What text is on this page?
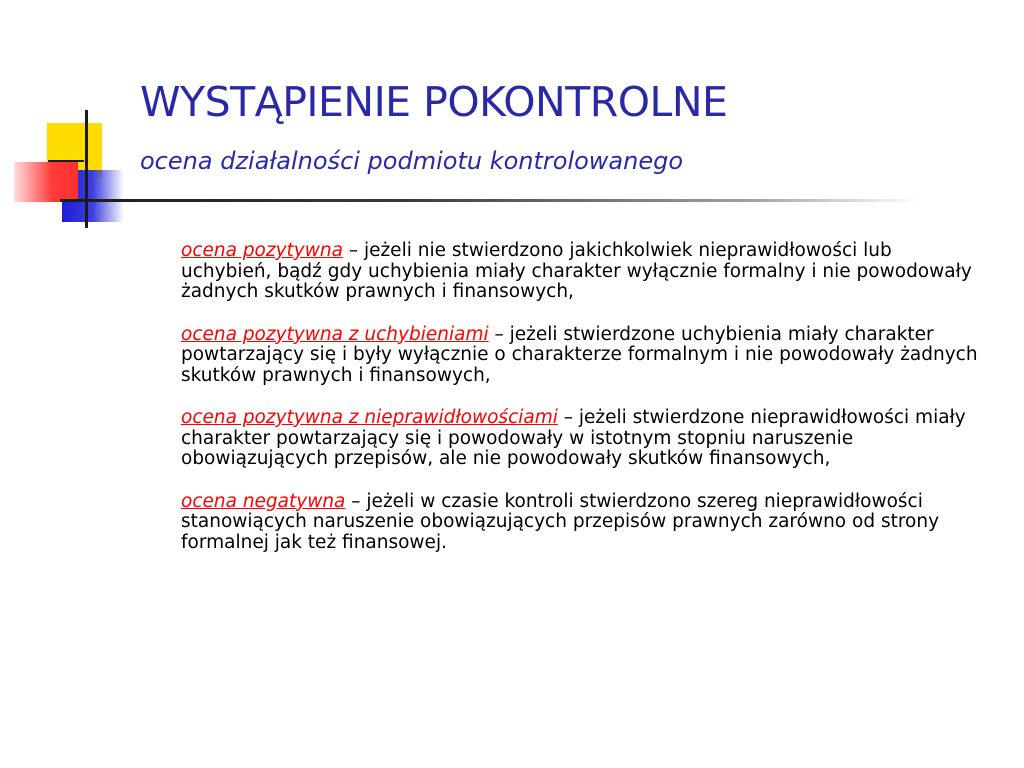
WYSTĄPIENIE POKONTROLNE
ocena działalności podmiotu kontrolowanego

ocena pozytywna – jeżeli nie stwierdzono jakichkolwiek nieprawidłowości lub uchybień, bądź gdy uchybienia miały charakter wyłącznie formalny i nie powodowały żadnych skutków prawnych i finansowych,

ocena pozytywna z uchybieniami – jeżeli stwierdzone uchybienia miały charakter powtarzający się i były wyłącznie o charakterze formalnym i nie powodowały żadnych skutków prawnych i finansowych,

ocena pozytywna z nieprawidłowościami – jeżeli stwierdzone nieprawidłowości miały charakter powtarzający się i powodowały w istotnym stopniu naruszenie obowiązujących przepisów, ale nie powodowały skutków finansowych,

ocena negatywna – jeżeli w czasie kontroli stwierdzono szereg nieprawidłowości stanowiących naruszenie obowiązujących przepisów prawnych zarówno od strony formalnej jak też finansowej.
